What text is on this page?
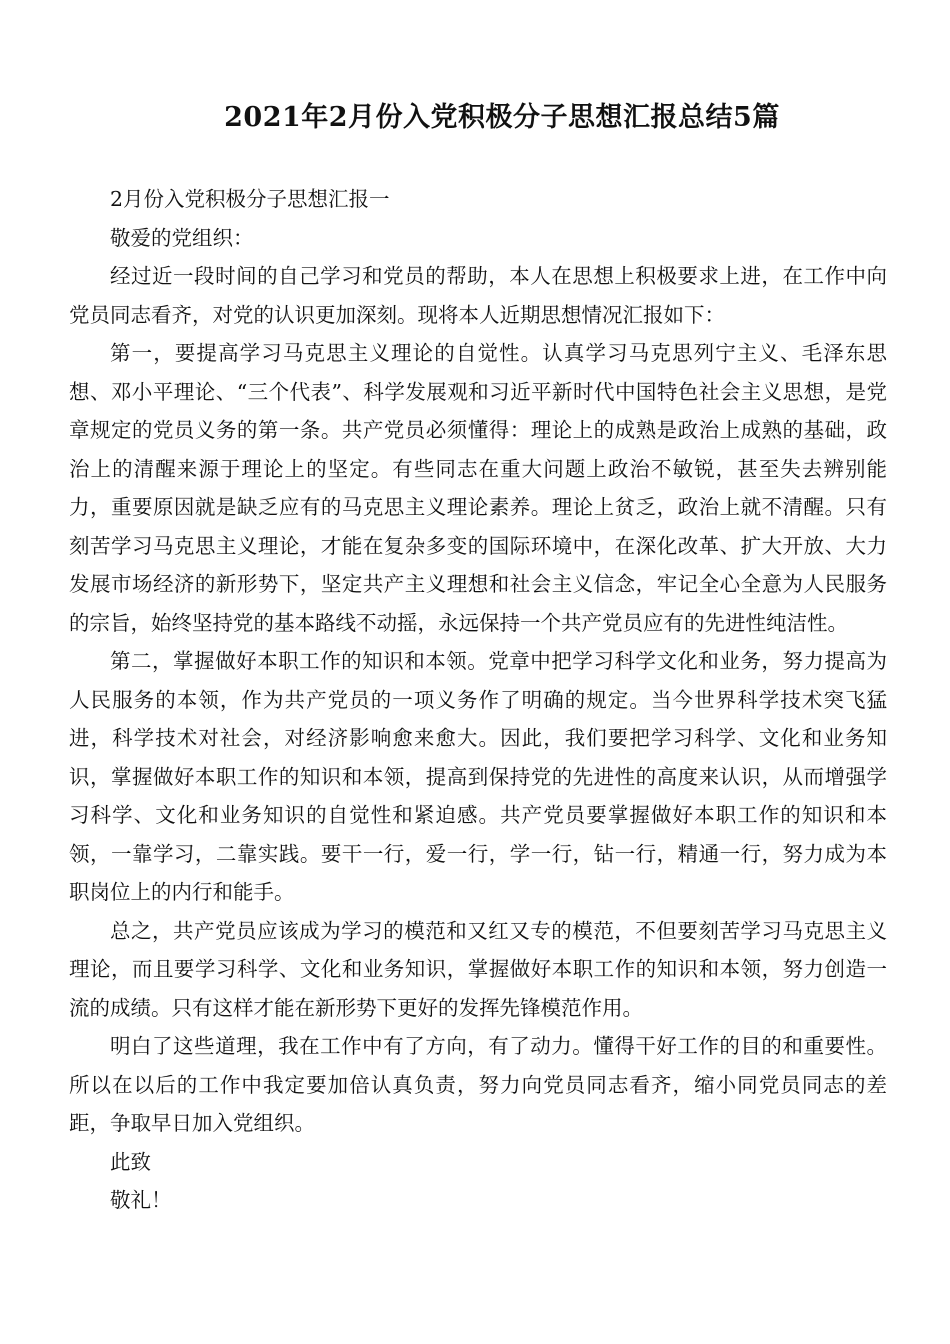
2021年2月份入党积极分子思想汇报总结5篇

2月份入党积极分子思想汇报一

敬爱的党组织：

经过近一段时间的自己学习和党员的帮助，本人在思想上积极要求上进，在工作中向党员同志看齐，对党的认识更加深刻。现将本人近期思想情况汇报如下：

第一，要提高学习马克思主义理论的自觉性。认真学习马克思列宁主义、毛泽东思想、邓小平理论、“三个代表”、科学发展观和习近平新时代中国特色社会主义思想，是党章规定的党员义务的第一条。共产党员必须懂得：理论上的成熟是政治上成熟的基础，政治上的清醒来源于理论上的坚定。有些同志在重大问题上政治不敏锐，甚至失去辨别能力，重要原因就是缺乏应有的马克思主义理论素养。理论上贫乏，政治上就不清醒。只有刻苦学习马克思主义理论，才能在复杂多变的国际环境中，在深化改革、扩大开放、大力发展市场经济的新形势下，坚定共产主义理想和社会主义信念，牢记全心全意为人民服务的宗旨，始终坚持党的基本路线不动摇，永远保持一个共产党员应有的先进性纯洁性。

第二，掌握做好本职工作的知识和本领。党章中把学习科学文化和业务，努力提高为人民服务的本领，作为共产党员的一项义务作了明确的规定。当今世界科学技术突飞猛进，科学技术对社会，对经济影响愈来愈大。因此，我们要把学习科学、文化和业务知识，掌握做好本职工作的知识和本领，提高到保持党的先进性的高度来认识，从而增强学习科学、文化和业务知识的自觉性和紧迫感。共产党员要掌握做好本职工作的知识和本领，一靠学习，二靠实践。要干一行，爱一行，学一行，钻一行，精通一行，努力成为本职岗位上的内行和能手。

总之，共产党员应该成为学习的模范和又红又专的模范，不但要刻苦学习马克思主义理论，而且要学习科学、文化和业务知识，掌握做好本职工作的知识和本领，努力创造一流的成绩。只有这样才能在新形势下更好的发挥先锋模范作用。

明白了这些道理，我在工作中有了方向，有了动力。懂得干好工作的目的和重要性。所以在以后的工作中我定要加倍认真负责，努力向党员同志看齐，缩小同党员同志的差距，争取早日加入党组织。

此致

敬礼！
